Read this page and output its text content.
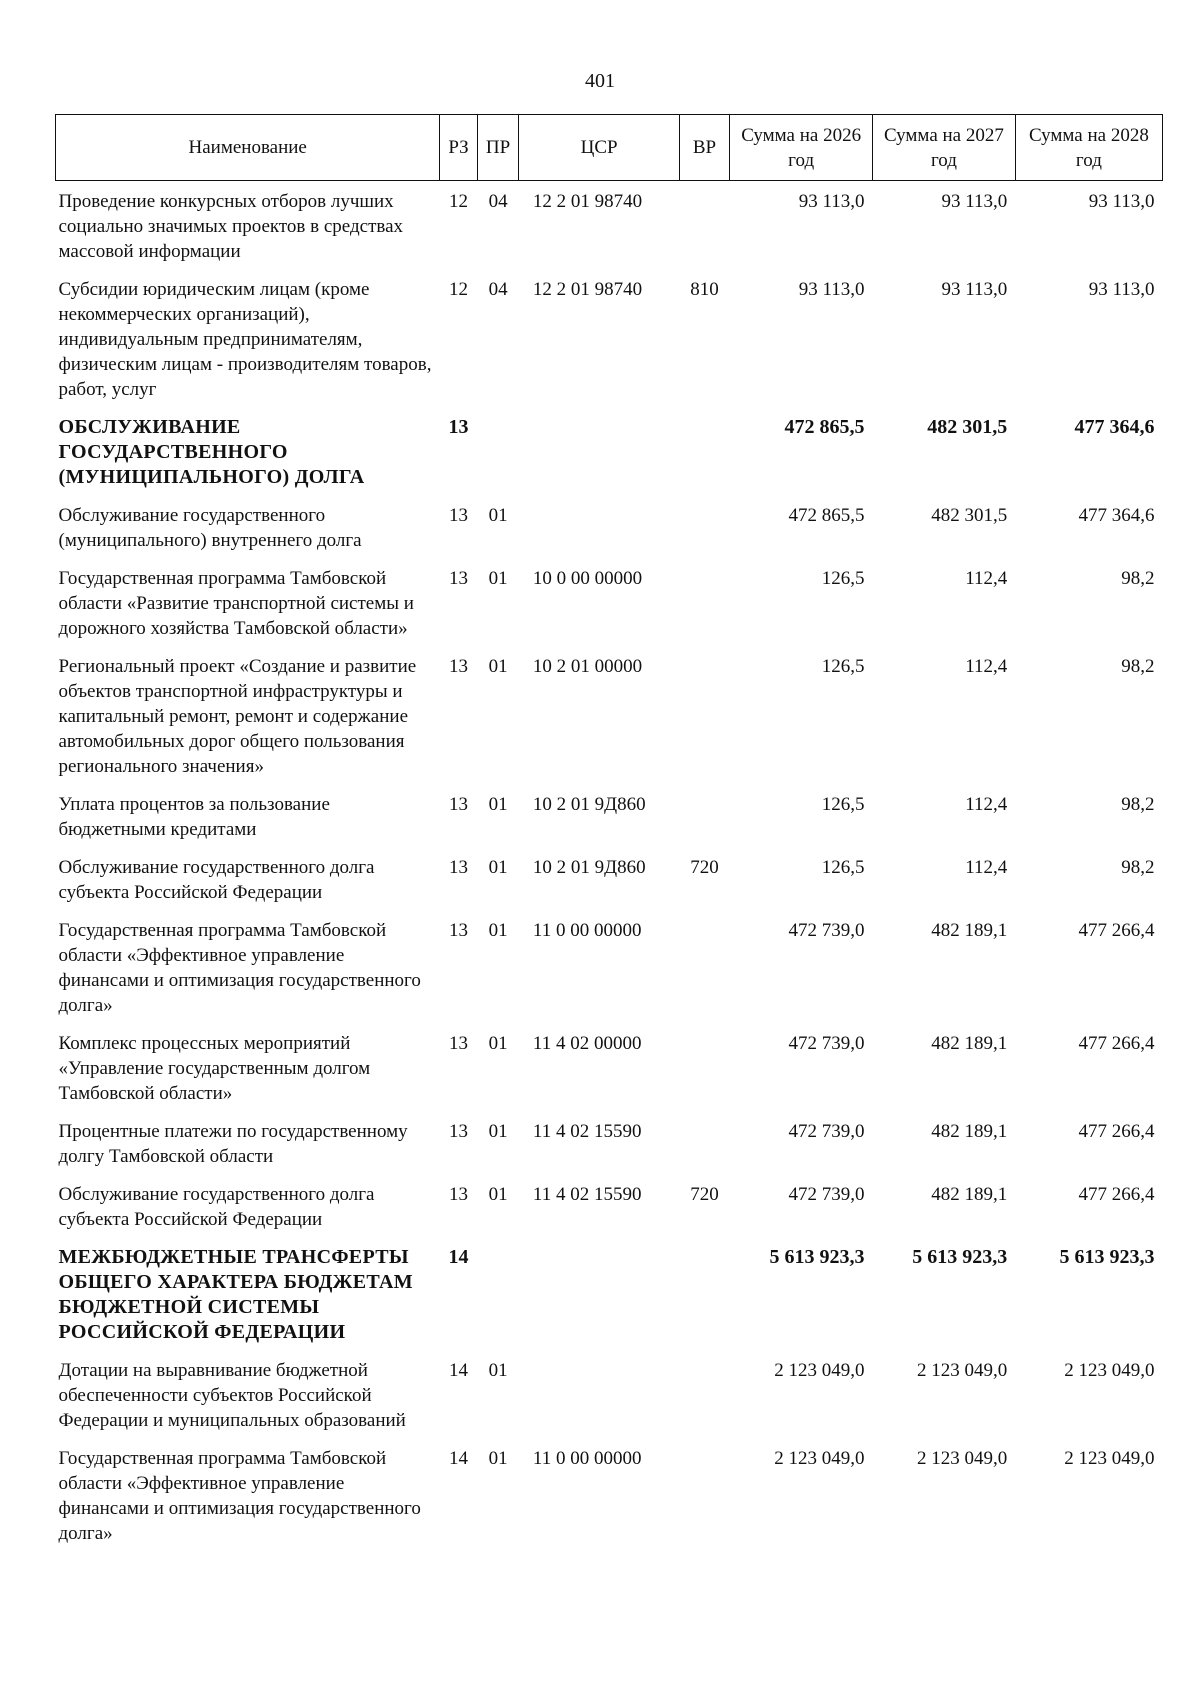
401
Наименование	РЗ	ПР	ЦСР	ВР	Сумма на 2026 год	Сумма на 2027 год	Сумма на 2028 год
Проведение конкурсных отборов лучших социально значимых проектов в средствах массовой информации	12	04	12 2 01 98740		93 113,0	93 113,0	93 113,0
Субсидии юридическим лицам (кроме некоммерческих организаций), индивидуальным предпринимателям, физическим лицам - производителям товаров, работ, услуг	12	04	12 2 01 98740	810	93 113,0	93 113,0	93 113,0
ОБСЛУЖИВАНИЕ ГОСУДАРСТВЕННОГО (МУНИЦИПАЛЬНОГО) ДОЛГА	13				472 865,5	482 301,5	477 364,6
Обслуживание государственного (муниципального) внутреннего долга	13	01			472 865,5	482 301,5	477 364,6
Государственная программа Тамбовской области «Развитие транспортной системы и дорожного хозяйства Тамбовской области»	13	01	10 0 00 00000		126,5	112,4	98,2
Региональный проект «Создание и развитие объектов транспортной инфраструктуры и капитальный ремонт, ремонт и содержание автомобильных дорог общего пользования регионального значения»	13	01	10 2 01 00000		126,5	112,4	98,2
Уплата процентов за пользование бюджетными кредитами	13	01	10 2 01 9Д860		126,5	112,4	98,2
Обслуживание государственного долга субъекта Российской Федерации	13	01	10 2 01 9Д860	720	126,5	112,4	98,2
Государственная программа Тамбовской области «Эффективное управление финансами и оптимизация государственного долга»	13	01	11 0 00 00000		472 739,0	482 189,1	477 266,4
Комплекс процессных мероприятий «Управление государственным долгом Тамбовской области»	13	01	11 4 02 00000		472 739,0	482 189,1	477 266,4
Процентные платежи по государственному долгу Тамбовской области	13	01	11 4 02 15590		472 739,0	482 189,1	477 266,4
Обслуживание государственного долга субъекта Российской Федерации	13	01	11 4 02 15590	720	472 739,0	482 189,1	477 266,4
МЕЖБЮДЖЕТНЫЕ ТРАНСФЕРТЫ ОБЩЕГО ХАРАКТЕРА БЮДЖЕТАМ БЮДЖЕТНОЙ СИСТЕМЫ РОССИЙСКОЙ ФЕДЕРАЦИИ	14				5 613 923,3	5 613 923,3	5 613 923,3
Дотации на выравнивание бюджетной обеспеченности субъектов Российской Федерации и муниципальных образований	14	01			2 123 049,0	2 123 049,0	2 123 049,0
Государственная программа Тамбовской области «Эффективное управление финансами и оптимизация государственного долга»	14	01	11 0 00 00000		2 123 049,0	2 123 049,0	2 123 049,0
